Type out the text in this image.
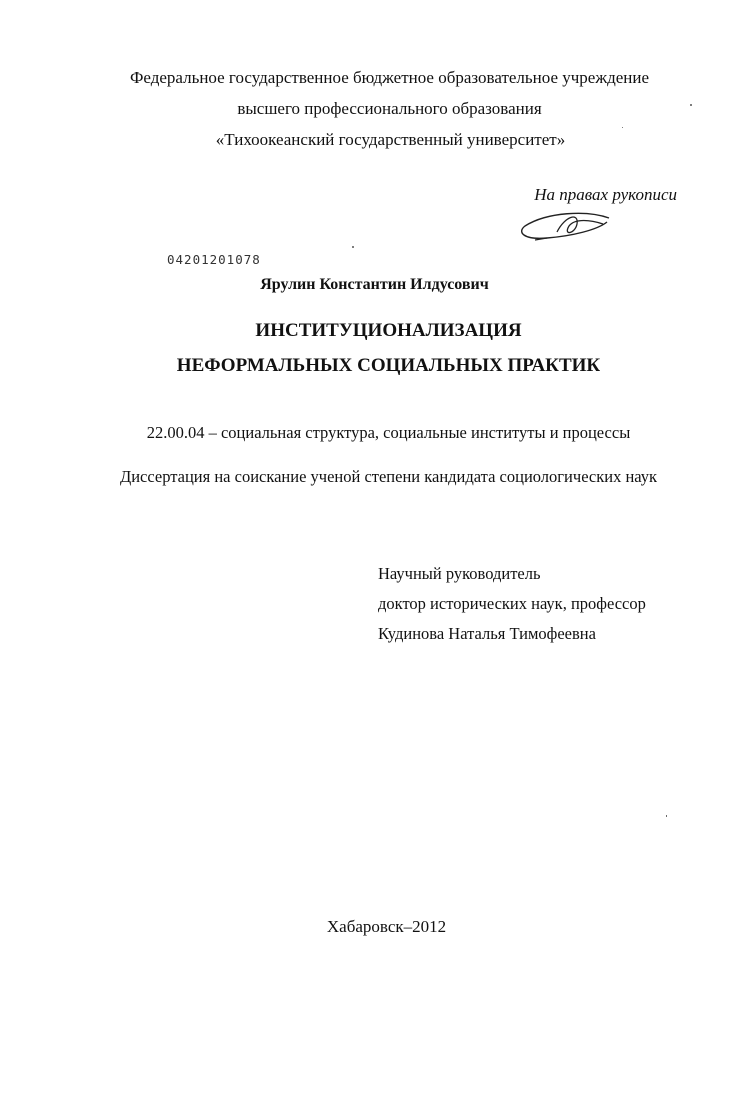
Федеральное государственное бюджетное образовательное учреждение
высшего профессионального образования
«Тихоокеанский государственный университет»
На правах рукописи
04201201078
Ярулин Константин Илдусович
ИНСТИТУЦИОНАЛИЗАЦИЯ
НЕФОРМАЛЬНЫХ СОЦИАЛЬНЫХ ПРАКТИК
22.00.04 – социальная структура, социальные институты и процессы
Диссертация на соискание ученой степени кандидата социологических наук
Научный руководитель
доктор исторических наук, профессор
Кудинова Наталья Тимофеевна
Хабаровск–2012
